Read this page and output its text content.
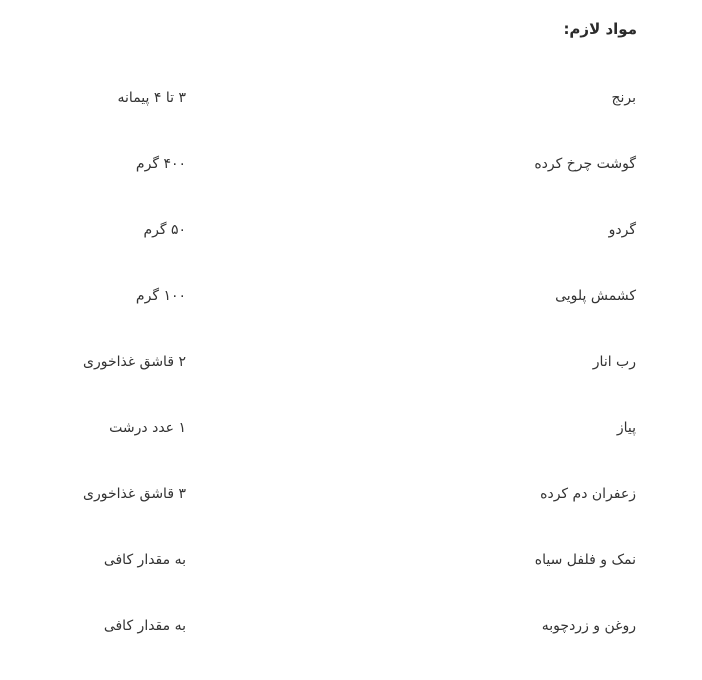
مواد لازم:
برنج
۳ تا ۴ پیمانه
گوشت چرخ کرده
۴۰۰ گرم
گردو
۵۰ گرم
کشمش پلویی
۱۰۰ گرم
رب انار
۲ قاشق غذاخوری
پیاز
۱ عدد درشت
زعفران دم کرده
۳ قاشق غذاخوری
نمک و فلفل سیاه
به مقدار کافی
روغن و زردچوبه
به مقدار کافی
